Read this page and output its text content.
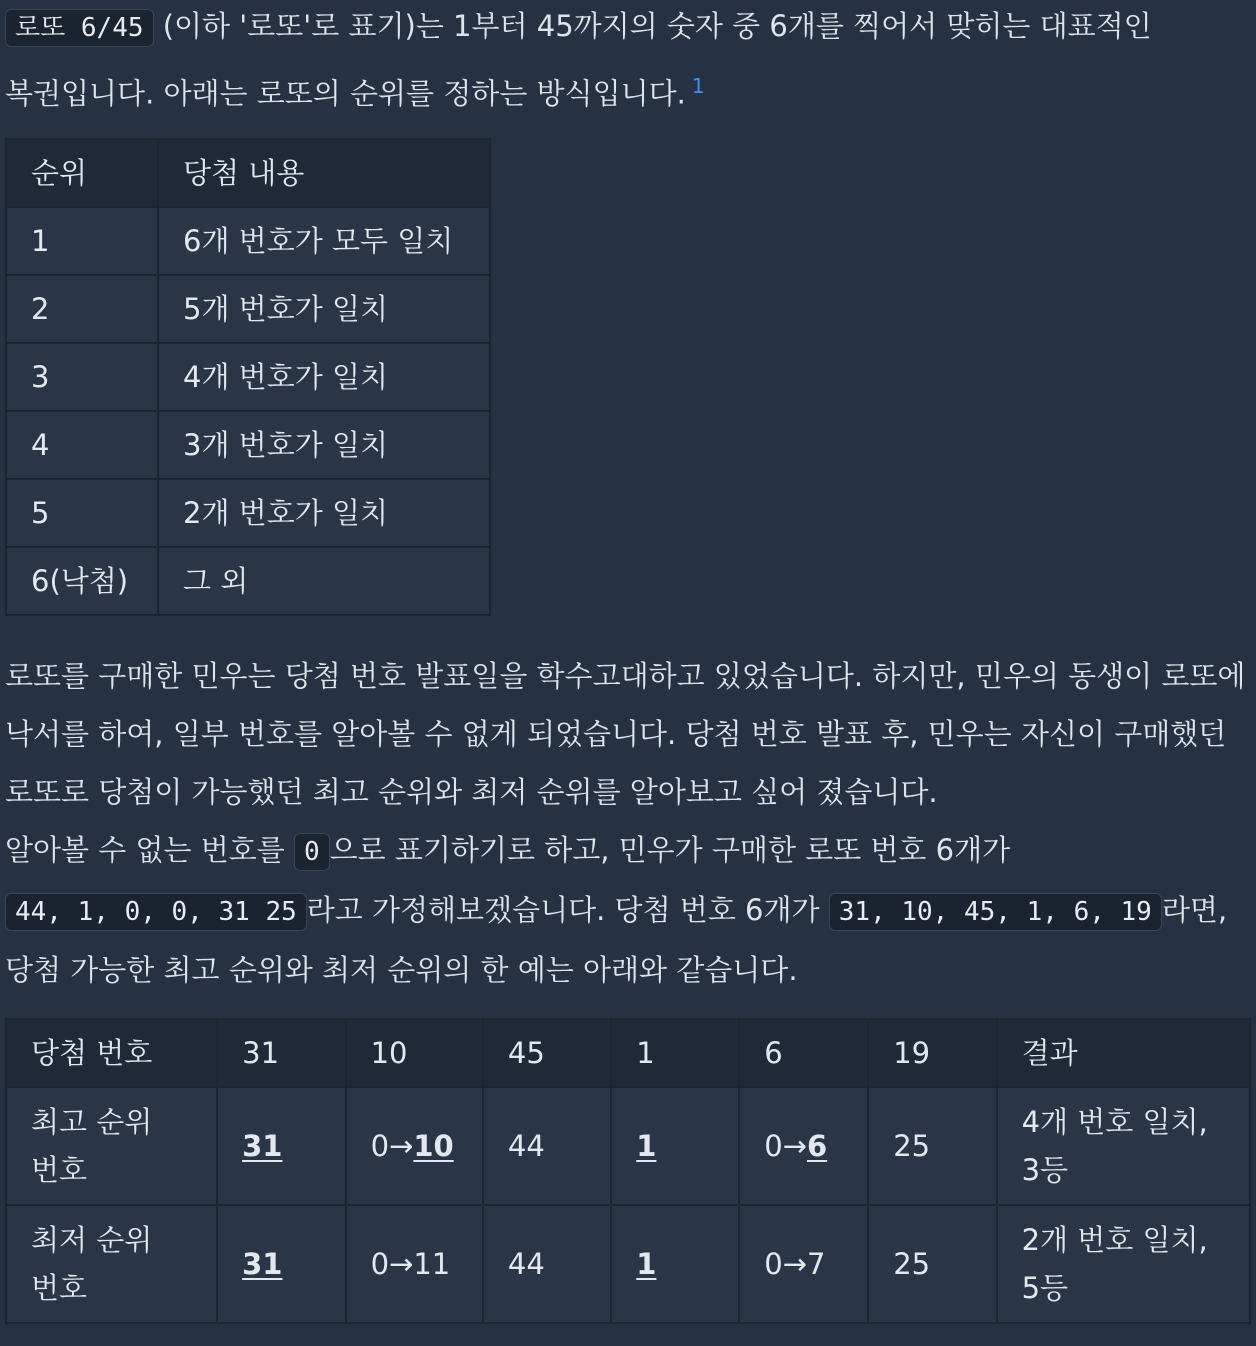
로또 6/45 (이하 '로또'로 표기)는 1부터 45까지의 숫자 중 6개를 찍어서 맞히는 대표적인 복권입니다. 아래는 로또의 순위를 정하는 방식입니다. $^1$

순위	당첨 내용
1	6개 번호가 모두 일치
2	5개 번호가 일치
3	4개 번호가 일치
4	3개 번호가 일치
5	2개 번호가 일치
6(낙첨)	그 외

로또를 구매한 민우는 당첨 번호 발표일을 학수고대하고 있었습니다. 하지만, 민우의 동생이 로또에 낙서를 하여, 일부 번호를 알아볼 수 없게 되었습니다. 당첨 번호 발표 후, 민우는 자신이 구매했던 로또로 당첨이 가능했던 최고 순위와 최저 순위를 알아보고 싶어 졌습니다.

알아볼 수 없는 번호를 0 으로 표기하기로 하고, 민우가 구매한 로또 번호 6개가 44, 1, 0, 0, 31 25 라고 가정해보겠습니다. 당첨 번호 6개가 31, 10, 45, 1, 6, 19 라면, 당첨 가능한 최고 순위와 최저 순위의 한 예는 아래와 같습니다.

당첨 번호	31	10	45	1	6	19	결과

최고 순위 번호	31	0→10	44	1	0→6	25	4개 번호 일치, 3등

최저 순위 번호	31	0→11	44	1	0→7	25	2개 번호 일치, 5등
